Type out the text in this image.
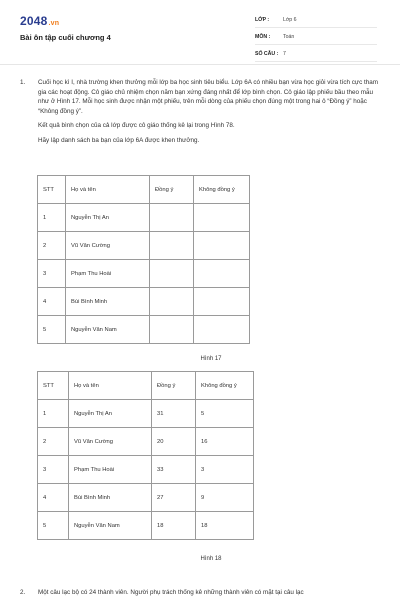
2048.vn
Bài ôn tập cuối chương 4
LỚP :	Lớp 6
MÔN :	Toán
SỐ CÂU : 7
1. Cuối học kì I, nhà trường khen thưởng mỗi lớp ba học sinh tiêu biểu. Lớp 6A có nhiều bạn vừa học giỏi vừa tích cực tham gia các hoạt động. Cô giáo chủ nhiệm chọn năm bạn xứng đáng nhất để lớp bình chọn. Cô giáo lập phiếu bầu theo mẫu như ở Hình 17. Mỗi học sinh được nhận một phiếu, trên mỗi dòng của phiếu chọn đúng một trong hai ô “Đồng ý” hoặc “Không đồng ý”.

Kết quả bình chọn của cả lớp được cô giáo thống kê lại trong Hình 78.

Hãy lập danh sách ba bạn của lớp 6A được khen thưởng.

STT	Họ và tên	Đồng ý	Không đồng ý
1	Nguyễn Thị An		
2	Vũ Văn Cường		
3	Phạm Thu Hoài		
4	Bùi Bình Minh		
5	Nguyễn Văn Nam		
Hình 17
STT	Họ và tên	Đồng ý	Không đồng ý
1	Nguyễn Thị An	31	5
2	Vũ Văn Cường	20	16
3	Phạm Thu Hoài	33	3
4	Bùi Bình Minh	27	9
5	Nguyễn Văn Nam	18	18
Hình 18
2. Một câu lạc bộ có 24 thành viên. Người phụ trách thống kê những thành viên có mặt tại câu lạc
